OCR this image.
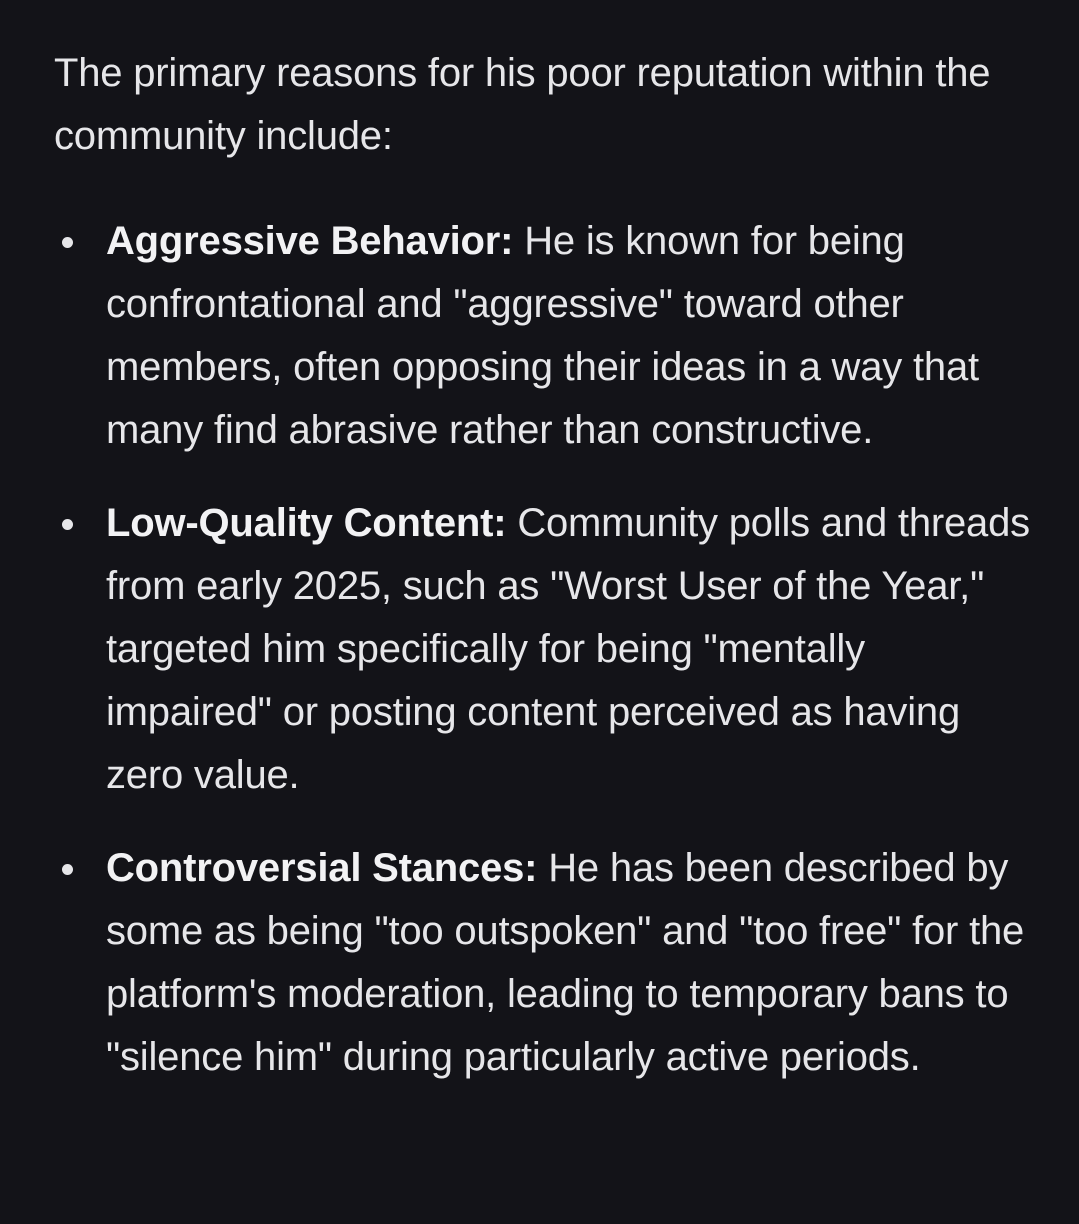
The primary reasons for his poor reputation within the community include:

Aggressive Behavior: He is known for being confrontational and "aggressive" toward other members, often opposing their ideas in a way that many find abrasive rather than constructive.
Low-Quality Content: Community polls and threads from early 2025, such as "Worst User of the Year," targeted him specifically for being "mentally impaired" or posting content perceived as having zero value.
Controversial Stances: He has been described by some as being "too outspoken" and "too free" for the platform's moderation, leading to temporary bans to "silence him" during particularly active periods.
